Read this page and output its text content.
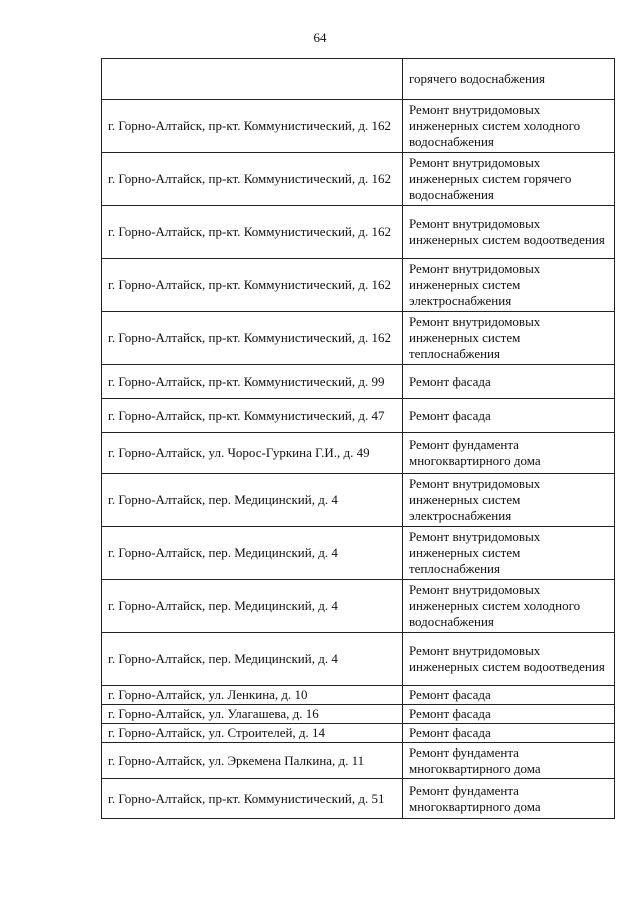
64
	горячего водоснабжения
г. Горно-Алтайск, пр-кт. Коммунистический, д. 162	Ремонт внутридомовых инженерных систем холодного водоснабжения
г. Горно-Алтайск, пр-кт. Коммунистический, д. 162	Ремонт внутридомовых инженерных систем горячего водоснабжения
г. Горно-Алтайск, пр-кт. Коммунистический, д. 162	Ремонт внутридомовых инженерных систем водоотведения
г. Горно-Алтайск, пр-кт. Коммунистический, д. 162	Ремонт внутридомовых инженерных систем электроснабжения
г. Горно-Алтайск, пр-кт. Коммунистический, д. 162	Ремонт внутридомовых инженерных систем теплоснабжения
г. Горно-Алтайск, пр-кт. Коммунистический, д. 99	Ремонт фасада
г. Горно-Алтайск, пр-кт. Коммунистический, д. 47	Ремонт фасада
г. Горно-Алтайск, ул. Чорос-Гуркина Г.И., д. 49	Ремонт фундамента многоквартирного дома
г. Горно-Алтайск, пер. Медицинский, д. 4	Ремонт внутридомовых инженерных систем электроснабжения
г. Горно-Алтайск, пер. Медицинский, д. 4	Ремонт внутридомовых инженерных систем теплоснабжения
г. Горно-Алтайск, пер. Медицинский, д. 4	Ремонт внутридомовых инженерных систем холодного водоснабжения
г. Горно-Алтайск, пер. Медицинский, д. 4	Ремонт внутридомовых инженерных систем водоотведения
г. Горно-Алтайск, ул. Ленкина, д. 10	Ремонт фасада
г. Горно-Алтайск, ул. Улагашева, д. 16	Ремонт фасада
г. Горно-Алтайск, ул. Строителей, д. 14	Ремонт фасада
г. Горно-Алтайск, ул. Эркемена Палкина, д. 11	Ремонт фундамента многоквартирного дома
г. Горно-Алтайск, пр-кт. Коммунистический, д. 51	Ремонт фундамента многоквартирного дома
